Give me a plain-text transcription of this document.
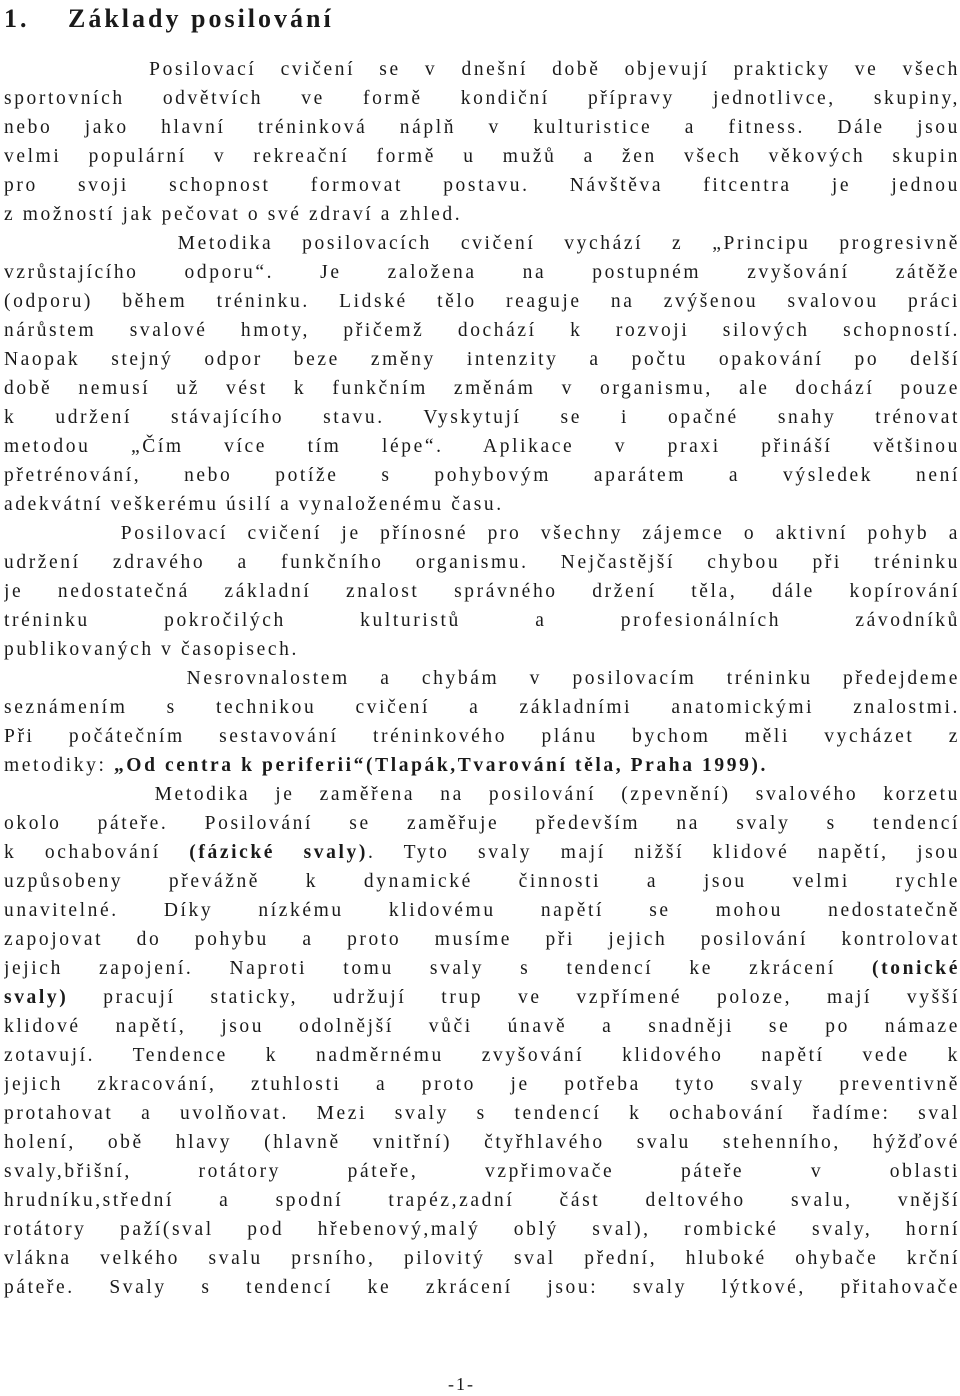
1. Základy posilování
Posilovací cvičení se v dnešní době objevují prakticky ve všech
sportovních odvětvích ve formě kondiční přípravy jednotlivce, skupiny,
nebo jako hlavní tréninková náplň v kulturistice a fitness. Dále jsou
velmi populární v rekreační formě u mužů a žen všech věkových skupin
pro svoji schopnost formovat postavu. Návštěva fitcentra je jednou
z možností jak pečovat o své zdraví a zhled.
Metodika posilovacích cvičení vychází z „Principu progresivně
vzrůstajícího odporu“. Je založena na postupném zvyšování zátěže
(odporu) během tréninku. Lidské tělo reaguje na zvýšenou svalovou práci
nárůstem svalové hmoty, přičemž dochází k rozvoji silových schopností.
Naopak stejný odpor beze změny intenzity a počtu opakování po delší
době nemusí už vést k funkčním změnám v organismu, ale dochází pouze
k udržení stávajícího stavu. Vyskytují se i opačné snahy trénovat
metodou „Čím více tím lépe“. Aplikace v praxi přináší většinou
přetrénování, nebo potíže s pohybovým aparátem a výsledek není
adekvátní veškerému úsilí a vynaloženému času.
Posilovací cvičení je přínosné pro všechny zájemce o aktivní pohyb a
udržení zdravého a funkčního organismu. Nejčastější chybou při tréninku
je nedostatečná základní znalost správného držení těla, dále kopírování
tréninku pokročilých kulturistů a profesionálních závodníků
publikovaných v časopisech.
Nesrovnalostem a chybám v posilovacím tréninku předejdeme
seznámením s technikou cvičení a základními anatomickými znalostmi.
Při počátečním sestavování tréninkového plánu bychom měli vycházet z
metodiky: „Od centra k periferii“(Tlapák,Tvarování těla, Praha 1999).
Metodika je zaměřena na posilování (zpevnění) svalového korzetu
okolo páteře. Posilování se zaměřuje především na svaly s tendencí
k ochabování (fázické svaly). Tyto svaly mají nižší klidové napětí, jsou
uzpůsobeny převážně k dynamické činnosti a jsou velmi rychle
unavitelné. Díky nízkému klidovému napětí se mohou nedostatečně
zapojovat do pohybu a proto musíme při jejich posilování kontrolovat
jejich zapojení. Naproti tomu svaly s tendencí ke zkrácení (tonické
svaly) pracují staticky, udržují trup ve vzpřímené poloze, mají vyšší
klidové napětí, jsou odolnější vůči únavě a snadněji se po námaze
zotavují. Tendence k nadměrnému zvyšování klidového napětí vede k
jejich zkracování, ztuhlosti a proto je potřeba tyto svaly preventivně
protahovat a uvolňovat. Mezi svaly s tendencí k ochabování řadíme: sval
holení, obě hlavy (hlavně vnitřní) čtyřhlavého svalu stehenního, hýžďové
svaly,břišní, rotátory páteře, vzpřimovače páteře v oblasti
hrudníku,střední a spodní trapéz,zadní část deltového svalu, vnější
rotátory paží(sval pod hřebenový,malý oblý sval), rombické svaly, horní
vlákna velkého svalu prsního, pilovitý sval přední, hluboké ohybače krční
páteře. Svaly s tendencí ke zkrácení jsou: svaly lýtkové, přitahovače
-1-
